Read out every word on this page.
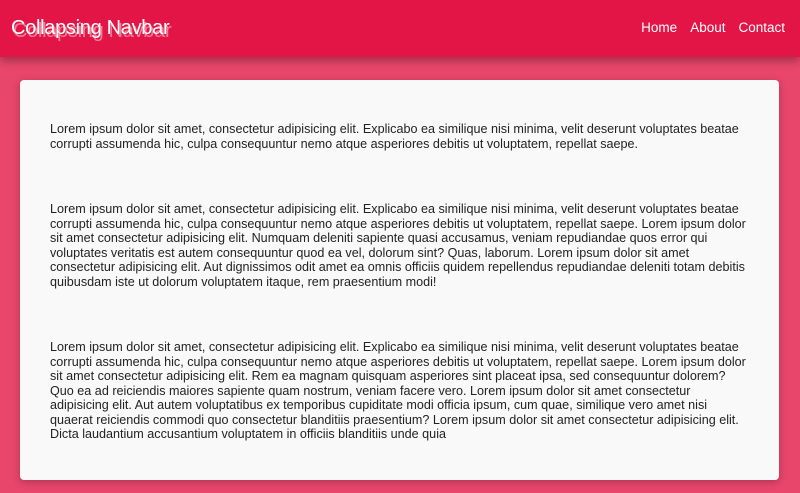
Collapsing Navbar	Home About Contact

Lorem ipsum dolor sit amet, consectetur adipisicing elit. Explicabo ea similique nisi minima, velit deserunt voluptates beatae corrupti assumenda hic, culpa consequuntur nemo atque asperiores debitis ut voluptatem, repellat saepe.

Lorem ipsum dolor sit amet, consectetur adipisicing elit. Explicabo ea similique nisi minima, velit deserunt voluptates beatae corrupti assumenda hic, culpa consequuntur nemo atque asperiores debitis ut voluptatem, repellat saepe. Lorem ipsum dolor sit amet consectetur adipisicing elit. Numquam deleniti sapiente quasi accusamus, veniam repudiandae quos error qui voluptates veritatis est autem consequuntur quod ea vel, dolorum sint? Quas, laborum. Lorem ipsum dolor sit amet consectetur adipisicing elit. Aut dignissimos odit amet ea omnis officiis quidem repellendus repudiandae deleniti totam debitis quibusdam iste ut dolorum voluptatem itaque, rem praesentium modi!

Lorem ipsum dolor sit amet, consectetur adipisicing elit. Explicabo ea similique nisi minima, velit deserunt voluptates beatae corrupti assumenda hic, culpa consequuntur nemo atque asperiores debitis ut voluptatem, repellat saepe. Lorem ipsum dolor sit amet consectetur adipisicing elit. Rem ea magnam quisquam asperiores sint placeat ipsa, sed consequuntur dolorem? Quo ea ad reiciendis maiores sapiente quam nostrum, veniam facere vero. Lorem ipsum dolor sit amet consectetur adipisicing elit. Aut autem voluptatibus ex temporibus cupiditate modi officia ipsum, cum quae, similique vero amet nisi quaerat reiciendis commodi quo consectetur blanditiis praesentium? Lorem ipsum dolor sit amet consectetur adipisicing elit. Dicta laudantium accusantium voluptatem in officiis blanditiis unde quia
